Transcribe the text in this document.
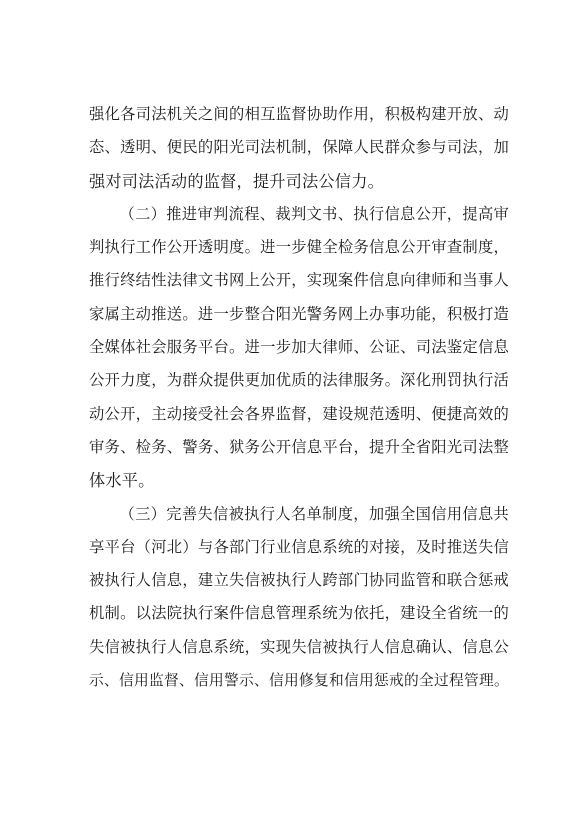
强化各司法机关之间的相互监督协助作用，积极构建开放、动
态、透明、便民的阳光司法机制，保障人民群众参与司法，加
强对司法活动的监督，提升司法公信力。
（二）推进审判流程、裁判文书、执行信息公开，提高审
判执行工作公开透明度。进一步健全检务信息公开审查制度，
推行终结性法律文书网上公开，实现案件信息向律师和当事人
家属主动推送。进一步整合阳光警务网上办事功能，积极打造
全媒体社会服务平台。进一步加大律师、公证、司法鉴定信息
公开力度，为群众提供更加优质的法律服务。深化刑罚执行活
动公开，主动接受社会各界监督，建设规范透明、便捷高效的
审务、检务、警务、狱务公开信息平台，提升全省阳光司法整
体水平。
（三）完善失信被执行人名单制度，加强全国信用信息共
享平台（河北）与各部门行业信息系统的对接，及时推送失信
被执行人信息，建立失信被执行人跨部门协同监管和联合惩戒
机制。以法院执行案件信息管理系统为依托，建设全省统一的
失信被执行人信息系统，实现失信被执行人信息确认、信息公
示、信用监督、信用警示、信用修复和信用惩戒的全过程管理。
